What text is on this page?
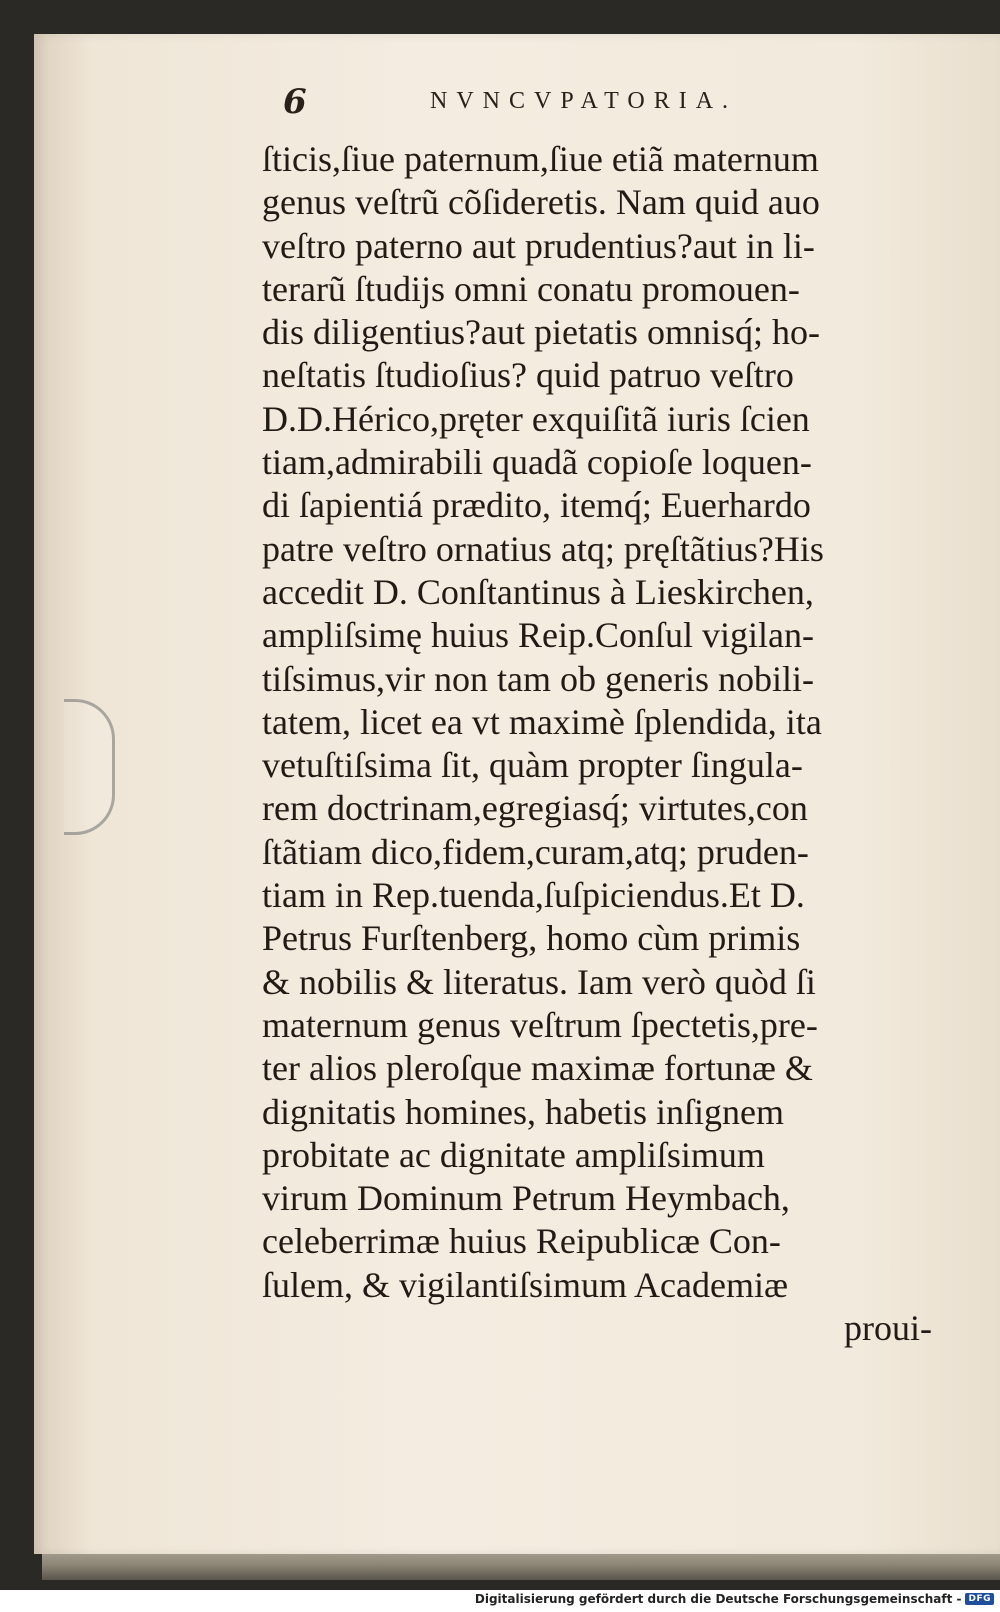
6	NVNCVPATORIA.
ſticis,ſiue paternum,ſiue etiã maternum
genus veſtrũ cõſideretis. Nam quid auo
veſtro paterno aut prudentius?aut in li-
terarũ ſtudijs omni conatu promouen-
dis diligentius?aut pietatis omnisq́; ho-
neſtatis ſtudioſius? quid patruo veſtro
D.D.Hérico,pręter exquiſitã iuris ſcien
tiam,admirabili quadã copioſe loquen-
di ſapientiá prædito, itemq́; Euerhardo
patre veſtro ornatius atq; pręſtãtius?His
accedit D. Conſtantinus à Lieskirchen,
ampliſsimę huius Reip.Conſul vigilan-
tiſsimus,vir non tam ob generis nobili-
tatem, licet ea vt maximè ſplendida, ita
vetuſtiſsima ſit, quàm propter ſingula-
rem doctrinam,egregiasq́; virtutes,con
ſtãtiam dico,fidem,curam,atq; pruden-
tiam in Rep.tuenda,ſuſpiciendus.Et D.
Petrus Furſtenberg, homo cùm primis
& nobilis & literatus. Iam verò quòd ſi
maternum genus veſtrum ſpectetis,pre-
ter alios pleroſque maximæ fortunæ &
dignitatis homines, habetis inſignem
probitate ac dignitate ampliſsimum
virum Dominum Petrum Heymbach,
celeberrimæ huius Reipublicæ Con-
ſulem, & vigilantiſsimum Academiæ
proui-
Digitalisierung gefördert durch die Deutsche Forschungsgemeinschaft - DFG
